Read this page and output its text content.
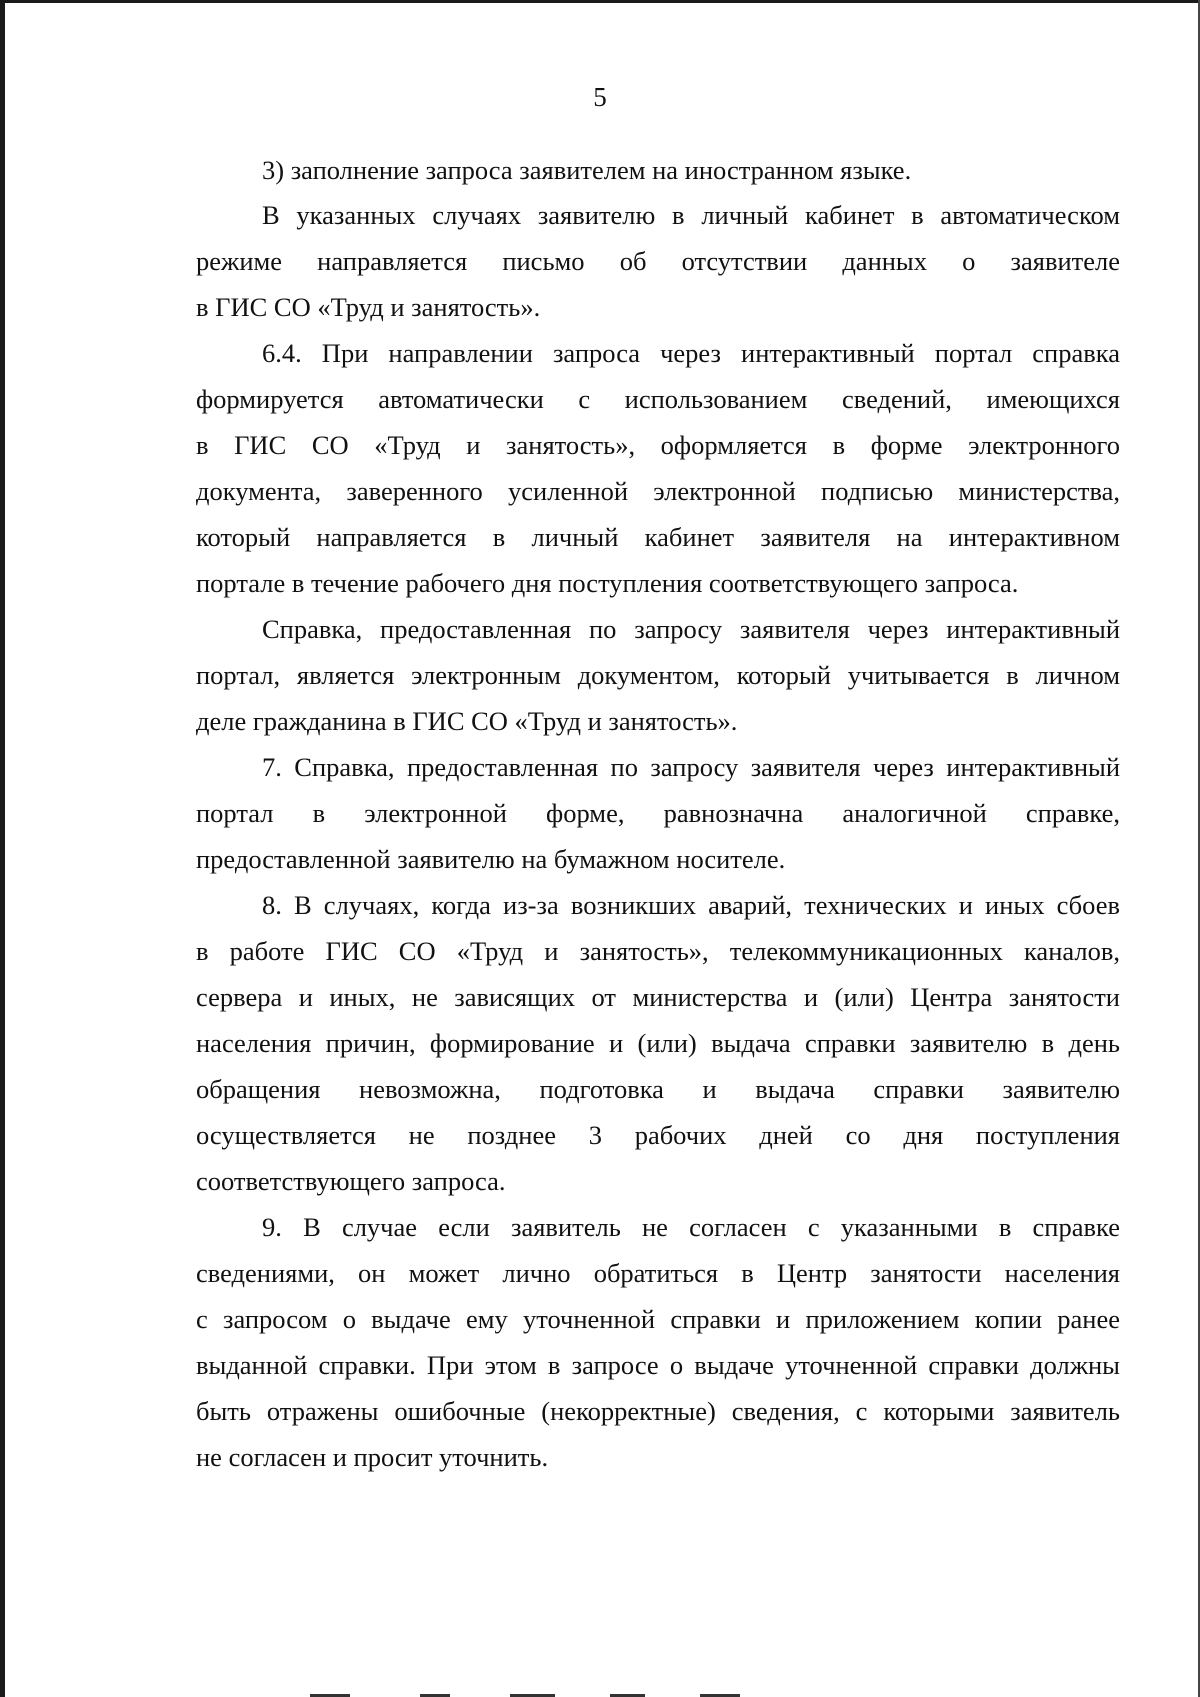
5
3) заполнение запроса заявителем на иностранном языке.
В указанных случаях заявителю в личный кабинет в автоматическом
режиме направляется письмо об отсутствии данных о заявителе
в ГИС СО «Труд и занятость».
6.4. При направлении запроса через интерактивный портал справка
формируется автоматически с использованием сведений, имеющихся
в ГИС СО «Труд и занятость», оформляется в форме электронного
документа, заверенного усиленной электронной подписью министерства,
который направляется в личный кабинет заявителя на интерактивном
портале в течение рабочего дня поступления соответствующего запроса.
Справка, предоставленная по запросу заявителя через интерактивный
портал, является электронным документом, который учитывается в личном
деле гражданина в ГИС СО «Труд и занятость».
7. Справка, предоставленная по запросу заявителя через интерактивный
портал в электронной форме, равнозначна аналогичной справке,
предоставленной заявителю на бумажном носителе.
8. В случаях, когда из-за возникших аварий, технических и иных сбоев
в работе ГИС СО «Труд и занятость», телекоммуникационных каналов,
сервера и иных, не зависящих от министерства и (или) Центра занятости
населения причин, формирование и (или) выдача справки заявителю в день
обращения невозможна, подготовка и выдача справки заявителю
осуществляется не позднее 3 рабочих дней со дня поступления
соответствующего запроса.
9. В случае если заявитель не согласен с указанными в справке
сведениями, он может лично обратиться в Центр занятости населения
с запросом о выдаче ему уточненной справки и приложением копии ранее
выданной справки. При этом в запросе о выдаче уточненной справки должны
быть отражены ошибочные (некорректные) сведения, с которыми заявитель
не согласен и просит уточнить.
